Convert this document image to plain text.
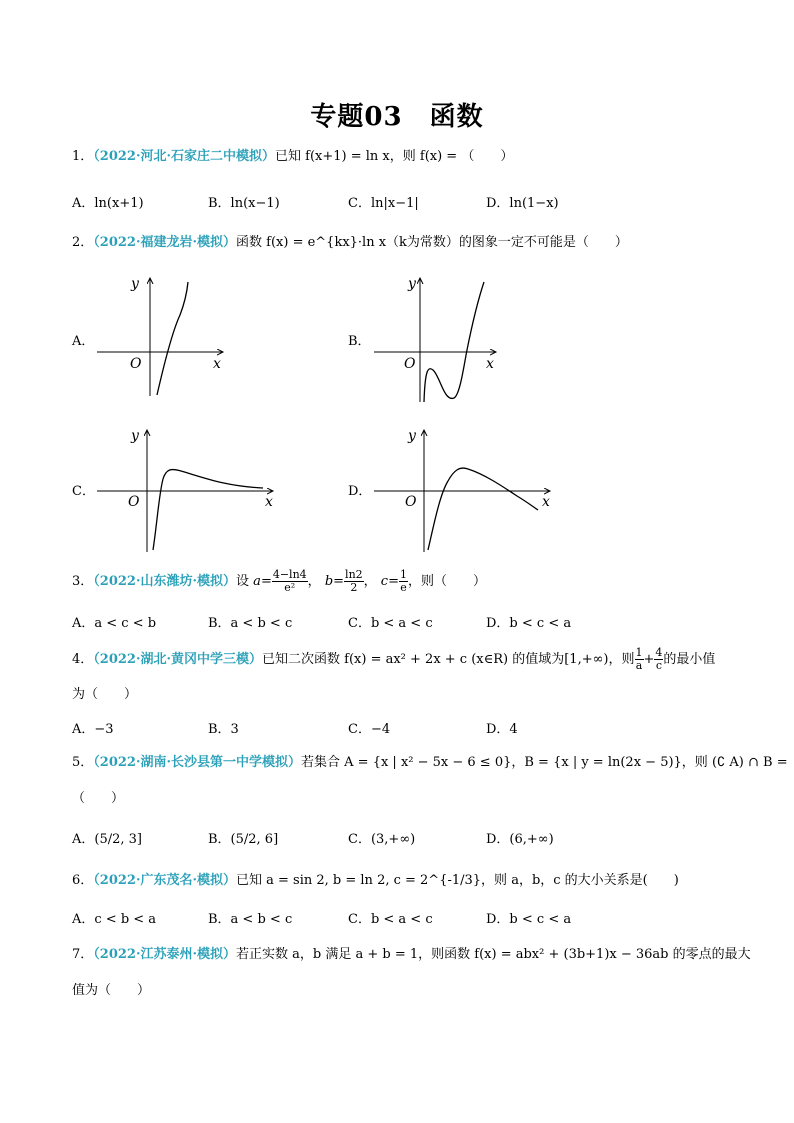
专题03　函数
1．（2022·河北·石家庄二中模拟）已知 f(x+1) = ln x，则 f(x) = （　　）
A．ln(x+1)	B．ln(x−1)	C．ln|x−1|	D．ln(1−x)
2．（2022·福建龙岩·模拟）函数 f(x) = e^{kx}·ln x（k为常数）的图象一定不可能是（　　）
A．	B．
C．	D．
y
x
O
y
x
O
y
x
O
y
x
O
3．（2022·山东潍坊·模拟）设 $a= \frac{4-\ln 4}{\text{e²}}$ ， $b= \frac{\ln 2}{2}$ ， $c= \frac{1}{e}$ ，则（　　）
A．a < c < b	B．a < b < c	C．b < a < c	D．b < c < a
4．（2022·湖北·黄冈中学三模）已知二次函数 f(x) = ax² + 2x + c (x∈R) 的值域为[1,+∞)，则 $\frac{1}{a} + \frac{4}{c}$ 的最小值
为（　　）
A．−3	B．3	C．−4	D．4
5．（2022·湖南·长沙县第一中学模拟）若集合 A = {x | x² − 5x − 6 ≤ 0}，B = {x | y = ln(2x − 5)}，则 (∁ A) ∩ B =
（　　）
A．(5/2, 3]	B．(5/2, 6]	C．(3,+∞)	D．(6,+∞)
6．（2022·广东茂名·模拟）已知 a = sin 2, b = ln 2, c = 2^{-1/3}，则 a，b，c 的大小关系是(　　)
A．c < b < a	B．a < b < c	C．b < a < c	D．b < c < a
7．（2022·江苏泰州·模拟）若正实数 a，b 满足 a + b = 1，则函数 f(x) = abx² + (3b+1)x − 36ab 的零点的最大
值为（　　）
